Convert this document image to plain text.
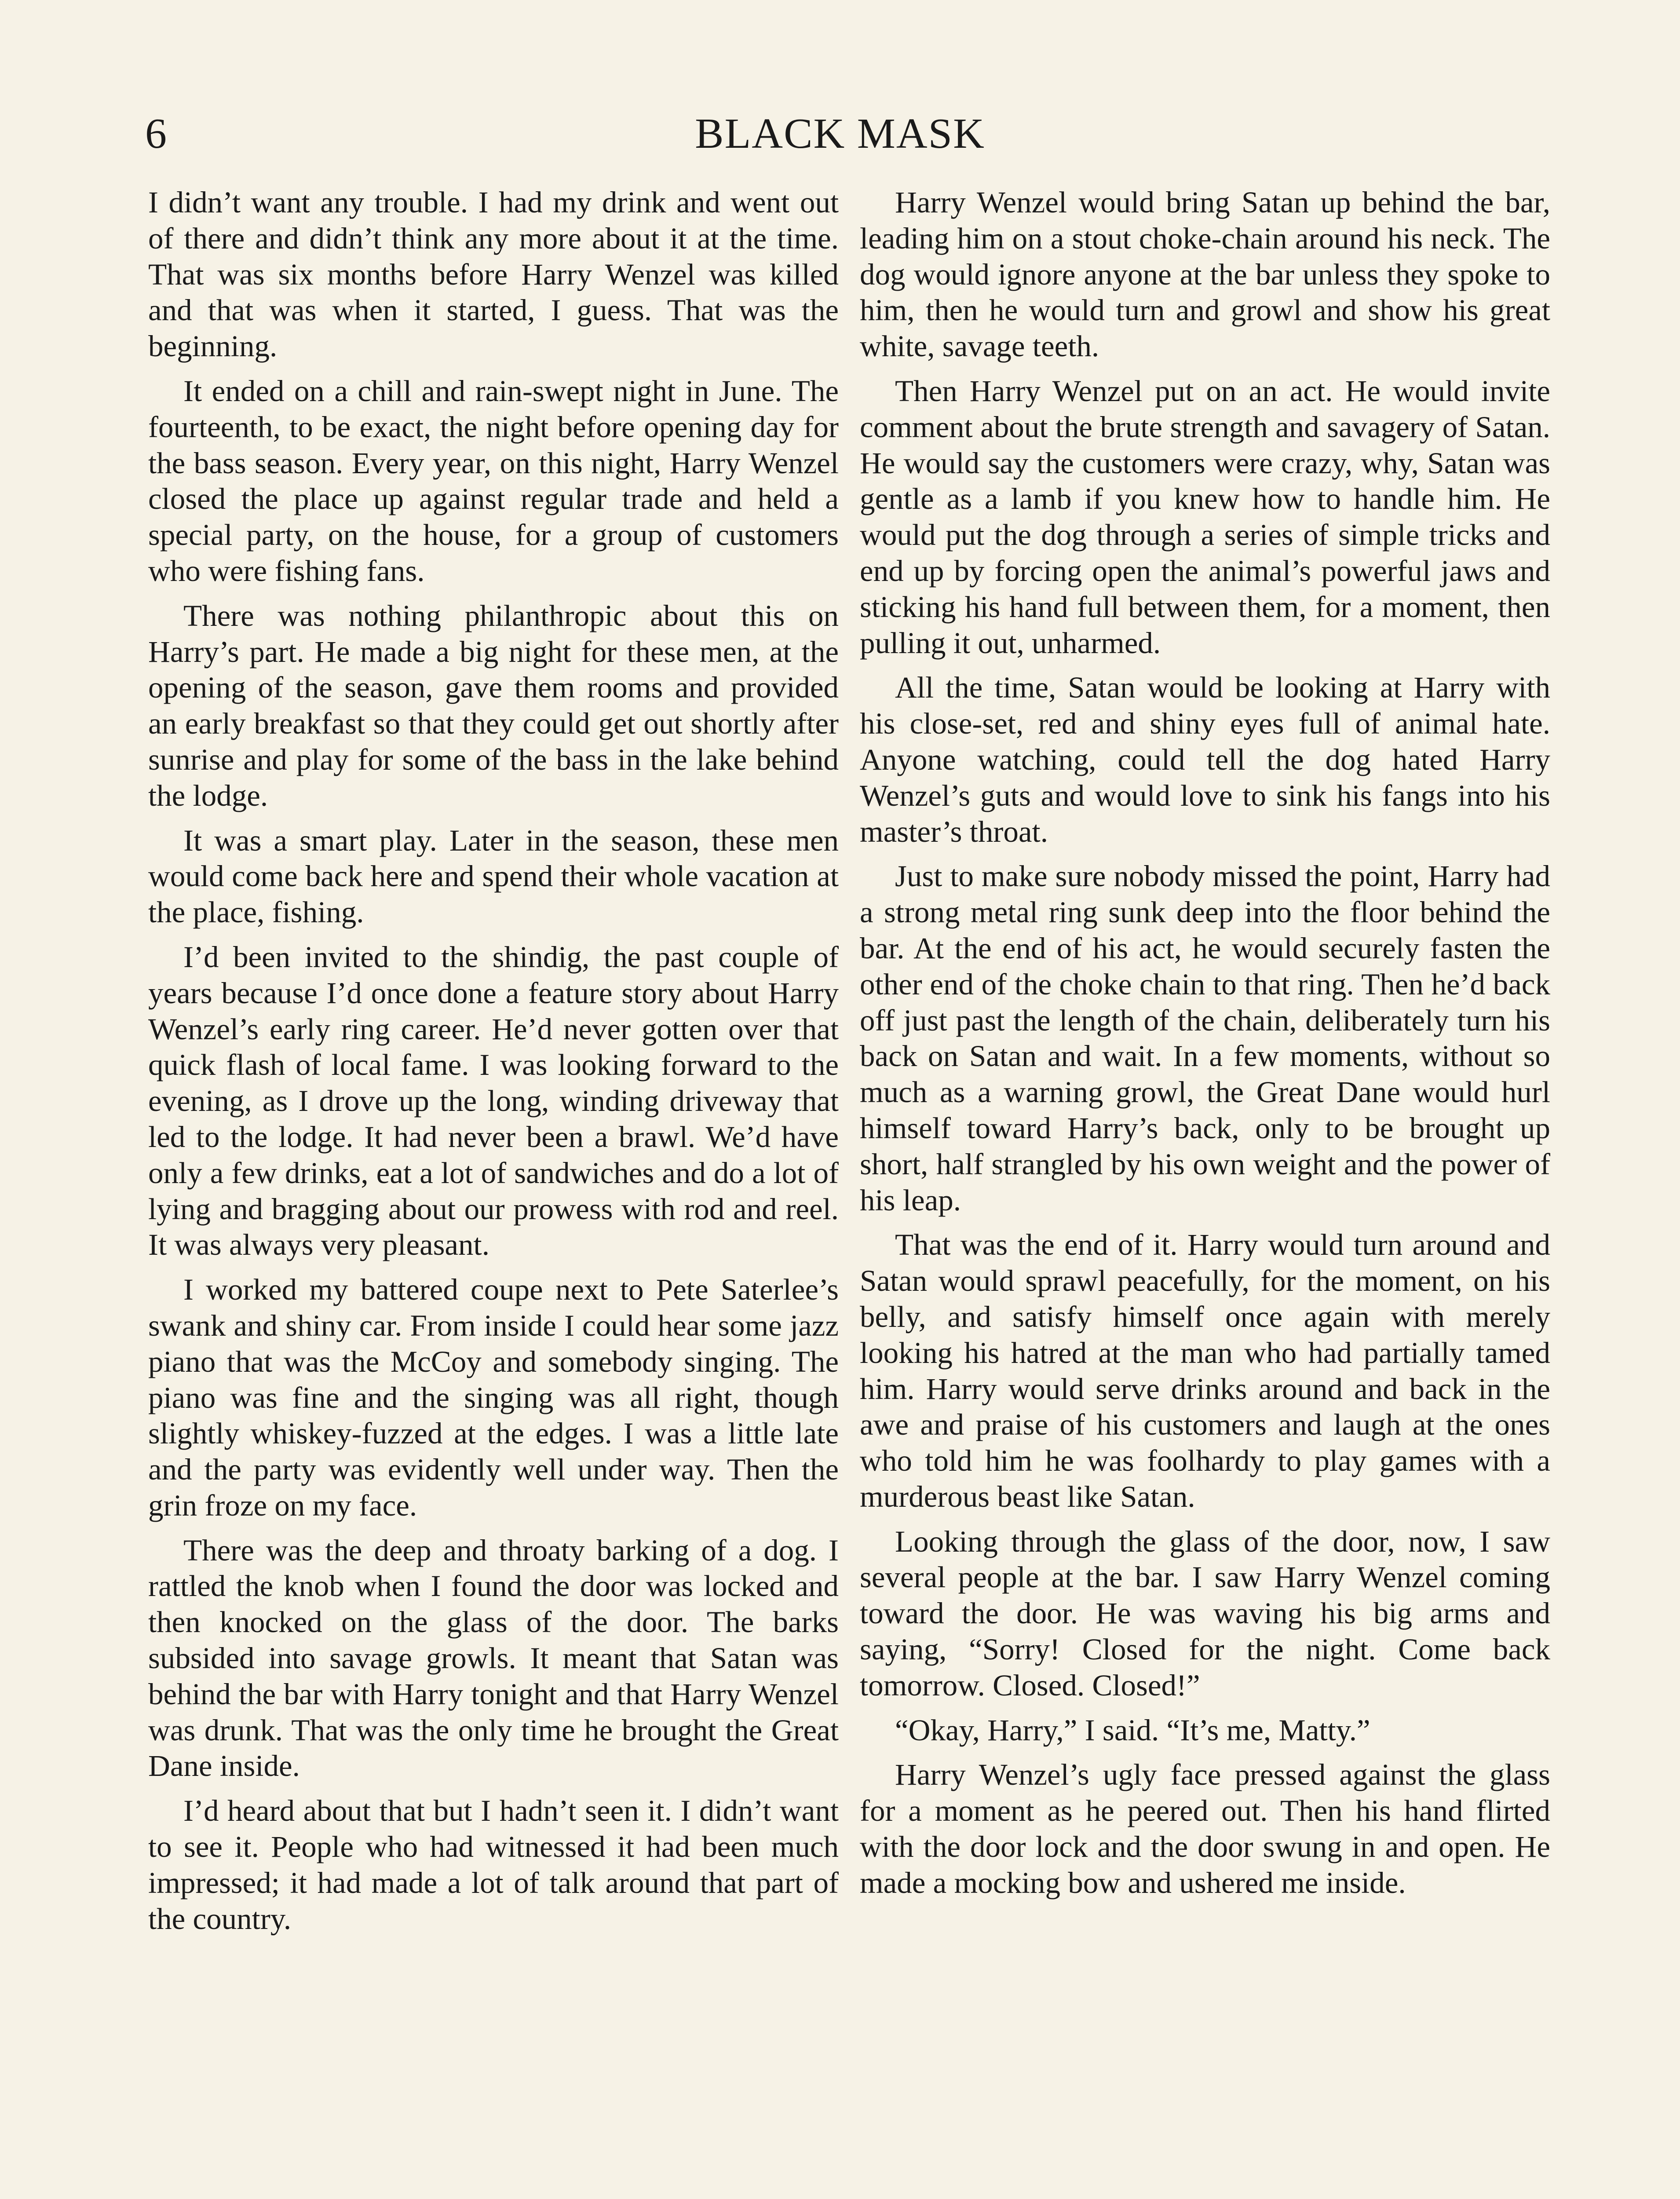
6	BLACK MASK

I didn’t want any trouble. I had my drink and went out of there and didn’t think any more about it at the time. That was six months before Harry Wenzel was killed and that was when it started, I guess. That was the beginning.

It ended on a chill and rain-swept night in June. The fourteenth, to be exact, the night before opening day for the bass season. Every year, on this night, Harry Wenzel closed the place up against regular trade and held a special party, on the house, for a group of customers who were fishing fans.

There was nothing philanthropic about this on Harry’s part. He made a big night for these men, at the opening of the season, gave them rooms and provided an early breakfast so that they could get out shortly after sunrise and play for some of the bass in the lake behind the lodge.

It was a smart play. Later in the season, these men would come back here and spend their whole vacation at the place, fishing.

I’d been invited to the shindig, the past couple of years because I’d once done a feature story about Harry Wenzel’s early ring career. He’d never gotten over that quick flash of local fame. I was looking forward to the evening, as I drove up the long, winding driveway that led to the lodge. It had never been a brawl. We’d have only a few drinks, eat a lot of sandwiches and do a lot of lying and bragging about our prowess with rod and reel. It was always very pleasant.

I worked my battered coupe next to Pete Saterlee’s swank and shiny car. From inside I could hear some jazz piano that was the McCoy and somebody singing. The piano was fine and the singing was all right, though slightly whiskey-fuzzed at the edges. I was a little late and the party was evidently well under way. Then the grin froze on my face.

There was the deep and throaty barking of a dog. I rattled the knob when I found the door was locked and then knocked on the glass of the door. The barks subsided into savage growls. It meant that Satan was behind the bar with Harry tonight and that Harry Wenzel was drunk. That was the only time he brought the Great Dane inside.

I’d heard about that but I hadn’t seen it. I didn’t want to see it. People who had witnessed it had been much impressed; it had made a lot of talk around that part of the country.

Harry Wenzel would bring Satan up behind the bar, leading him on a stout choke-chain around his neck. The dog would ignore anyone at the bar unless they spoke to him, then he would turn and growl and show his great white, savage teeth.

Then Harry Wenzel put on an act. He would invite comment about the brute strength and savagery of Satan. He would say the customers were crazy, why, Satan was gentle as a lamb if you knew how to handle him. He would put the dog through a series of simple tricks and end up by forcing open the animal’s powerful jaws and sticking his hand full between them, for a moment, then pulling it out, unharmed.

All the time, Satan would be looking at Harry with his close-set, red and shiny eyes full of animal hate. Anyone watching, could tell the dog hated Harry Wenzel’s guts and would love to sink his fangs into his master’s throat.

Just to make sure nobody missed the point, Harry had a strong metal ring sunk deep into the floor behind the bar. At the end of his act, he would securely fasten the other end of the choke chain to that ring. Then he’d back off just past the length of the chain, deliberately turn his back on Satan and wait. In a few moments, without so much as a warning growl, the Great Dane would hurl himself toward Harry’s back, only to be brought up short, half strangled by his own weight and the power of his leap.

That was the end of it. Harry would turn around and Satan would sprawl peacefully, for the moment, on his belly, and satisfy himself once again with merely looking his hatred at the man who had partially tamed him. Harry would serve drinks around and back in the awe and praise of his customers and laugh at the ones who told him he was foolhardy to play games with a murderous beast like Satan.

Looking through the glass of the door, now, I saw several people at the bar. I saw Harry Wenzel coming toward the door. He was waving his big arms and saying, “Sorry! Closed for the night. Come back tomorrow. Closed. Closed!”

“Okay, Harry,” I said. “It’s me, Matty.”

Harry Wenzel’s ugly face pressed against the glass for a moment as he peered out. Then his hand flirted with the door lock and the door swung in and open. He made a mocking bow and ushered me inside.
